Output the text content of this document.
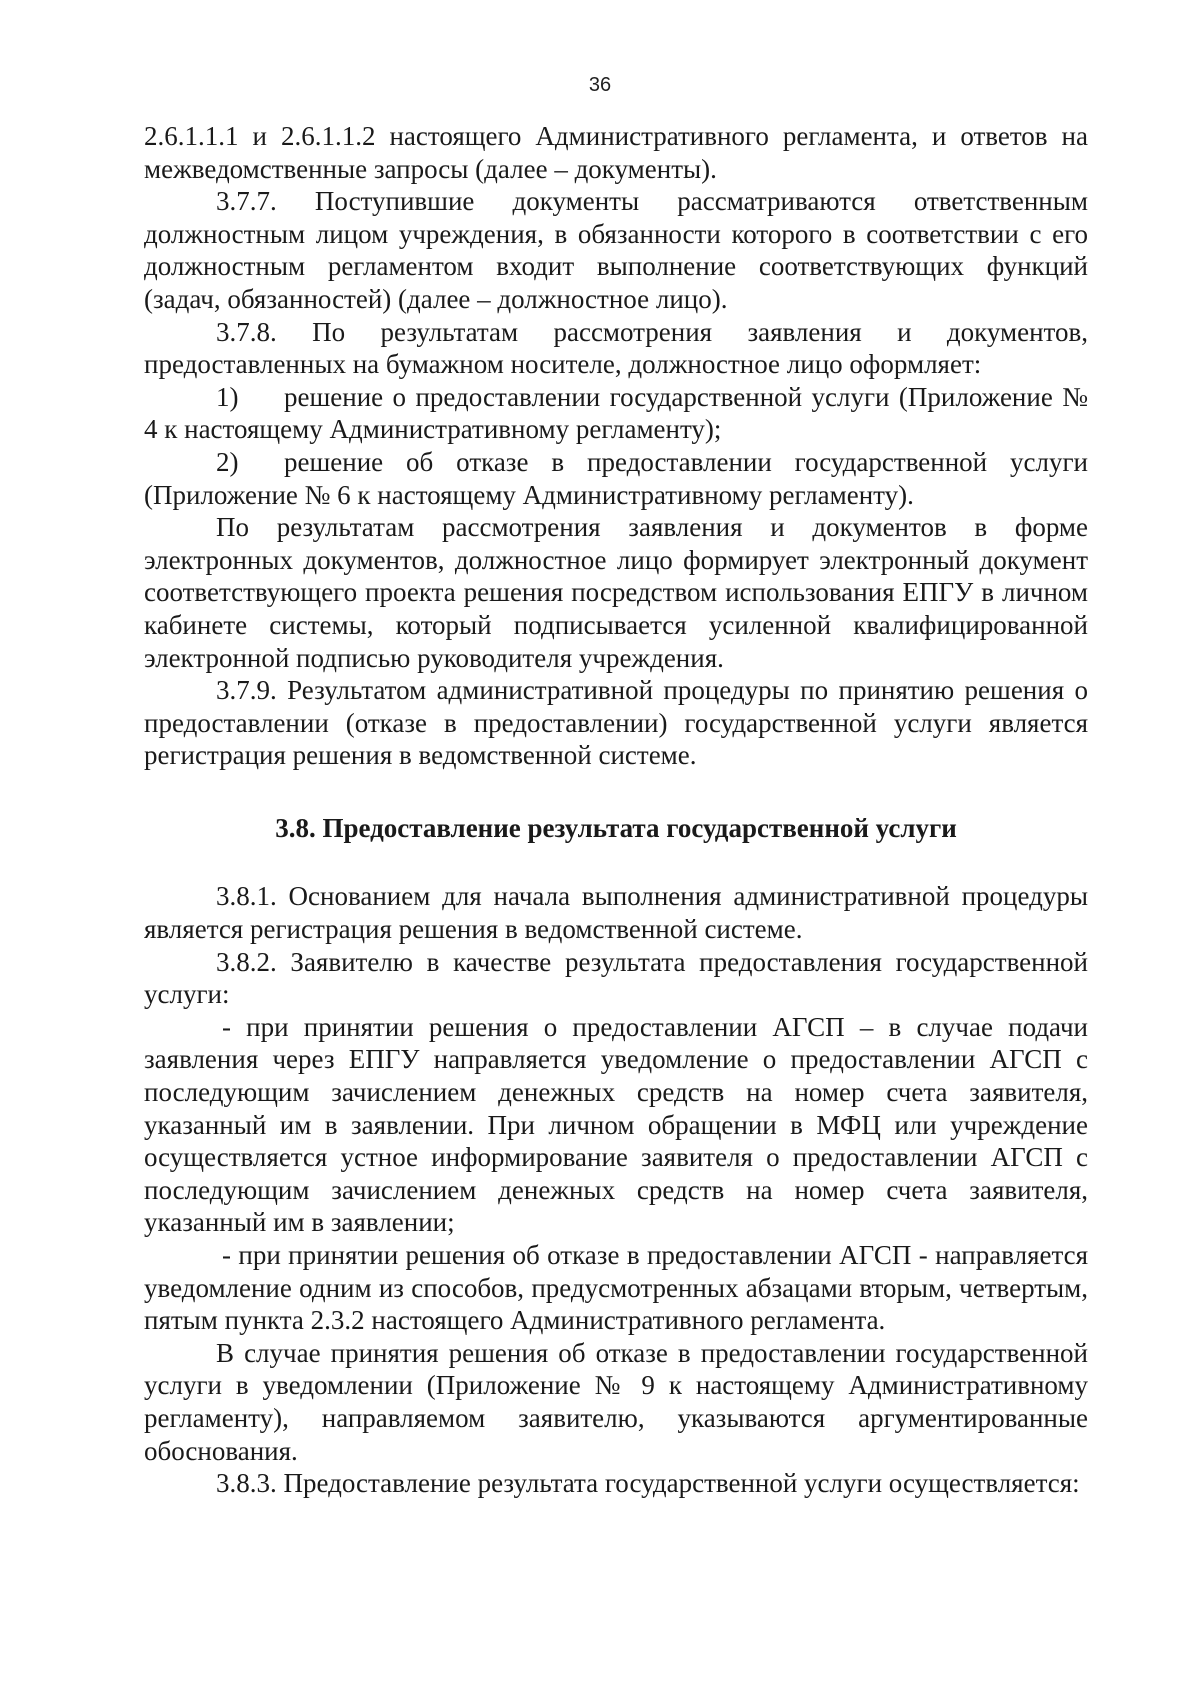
36

2.6.1.1.1 и 2.6.1.1.2 настоящего Административного регламента, и ответов на межведомственные запросы (далее – документы).

3.7.7. Поступившие документы рассматриваются ответственным должностным лицом учреждения, в обязанности которого в соответствии с его должностным регламентом входит выполнение соответствующих функций (задач, обязанностей) (далее – должностное лицо).

3.7.8. По результатам рассмотрения заявления и документов, предоставленных на бумажном носителе, должностное лицо оформляет:

1) решение о предоставлении государственной услуги (Приложение № 4 к настоящему Административному регламенту);

2) решение об отказе в предоставлении государственной услуги (Приложение № 6 к настоящему Административному регламенту).

По результатам рассмотрения заявления и документов в форме электронных документов, должностное лицо формирует электронный документ соответствующего проекта решения посредством использования ЕПГУ в личном кабинете системы, который подписывается усиленной квалифицированной электронной подписью руководителя учреждения.

3.7.9. Результатом административной процедуры по принятию решения о предоставлении (отказе в предоставлении) государственной услуги является регистрация решения в ведомственной системе.

3.8. Предоставление результата государственной услуги

3.8.1. Основанием для начала выполнения административной процедуры является регистрация решения в ведомственной системе.

3.8.2. Заявителю в качестве результата предоставления государственной услуги:

- при принятии решения о предоставлении АГСП – в случае подачи заявления через ЕПГУ направляется уведомление о предоставлении АГСП с последующим зачислением денежных средств на номер счета заявителя, указанный им в заявлении. При личном обращении в МФЦ или учреждение осуществляется устное информирование заявителя о предоставлении АГСП с последующим зачислением денежных средств на номер счета заявителя, указанный им в заявлении;

- при принятии решения об отказе в предоставлении АГСП - направляется уведомление одним из способов, предусмотренных абзацами вторым, четвертым, пятым пункта 2.3.2 настоящего Административного регламента.

В случае принятия решения об отказе в предоставлении государственной услуги в уведомлении (Приложение № 9 к настоящему Административному регламенту), направляемом заявителю, указываются аргументированные обоснования.

3.8.3. Предоставление результата государственной услуги осуществляется:
